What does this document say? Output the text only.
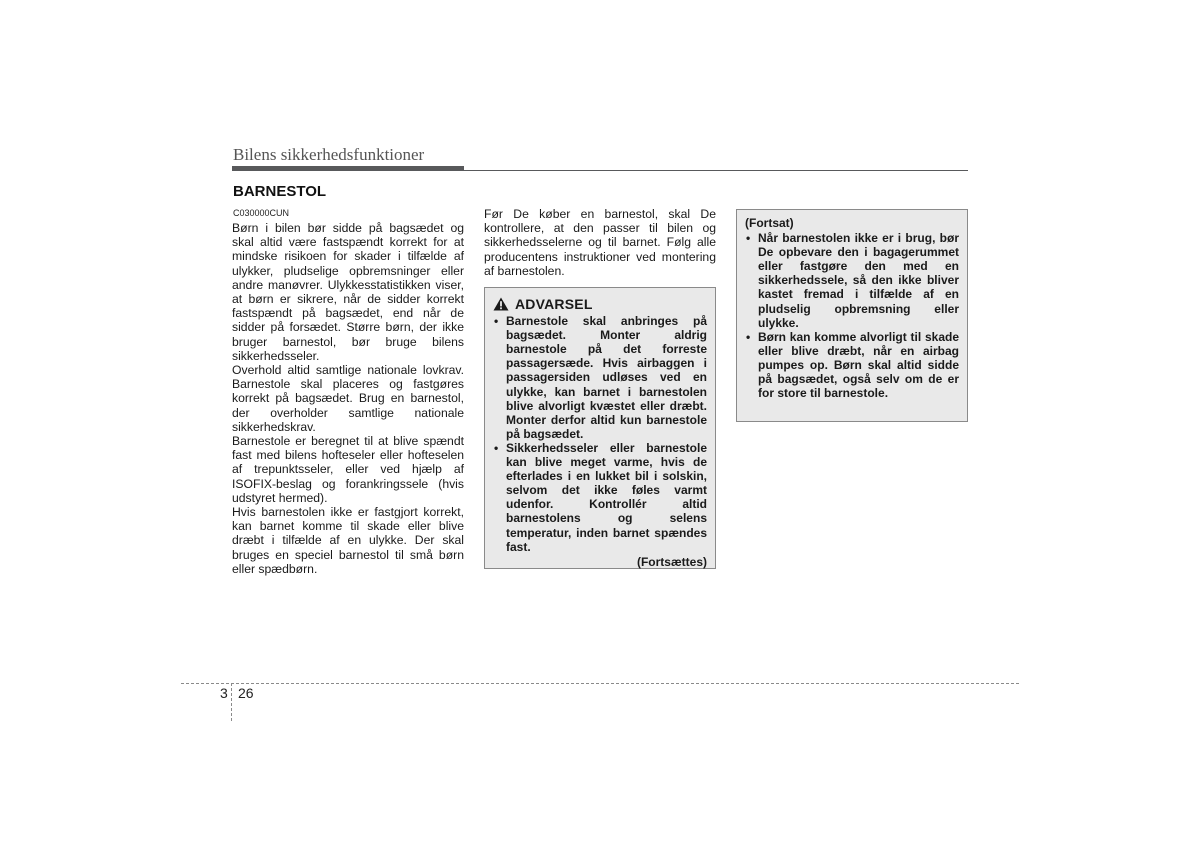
Bilens sikkerhedsfunktioner
BARNESTOL
C030000CUN

Børn i bilen bør sidde på bagsædet og skal altid være fastspændt korrekt for at mindske risikoen for skader i tilfælde af ulykker, pludselige opbremsninger eller andre manøvrer. Ulykkesstatistikken viser, at børn er sikrere, når de sidder korrekt fastspændt på bagsædet, end når de sidder på forsædet. Større børn, der ikke bruger barnestol, bør bruge bilens sikkerhedsseler.

Overhold altid samtlige nationale lovkrav. Barnestole skal placeres og fastgøres korrekt på bagsædet. Brug en barnestol, der overholder samtlige nationale sikkerhedskrav.

Barnestole er beregnet til at blive spændt fast med bilens hofteseler eller hofteselen af trepunktsseler, eller ved hjælp af ISOFIX-beslag og forankringssele (hvis udstyret hermed).

Hvis barnestolen ikke er fastgjort korrekt, kan barnet komme til skade eller blive dræbt i tilfælde af en ulykke. Der skal bruges en speciel barnestol til små børn eller spædbørn.

Før De køber en barnestol, skal De kontrollere, at den passer til bilen og sikkerhedsselerne og til barnet. Følg alle producentens instruktioner ved montering af barnestolen.

ADVARSEL
• Barnestole skal anbringes på bagsædet. Monter aldrig barnestole på det forreste passagersæde. Hvis airbaggen i passagersiden udløses ved en ulykke, kan barnet i barnestolen blive alvorligt kvæstet eller dræbt. Monter derfor altid kun barnestole på bagsædet.
• Sikkerhedsseler eller barnestole kan blive meget varme, hvis de efterlades i en lukket bil i solskin, selvom det ikke føles varmt udenfor. Kontrollér altid barnestolens og selens temperatur, inden barnet spændes fast.
(Fortsættes)
(Fortsat)
• Når barnestolen ikke er i brug, bør De opbevare den i bagagerummet eller fastgøre den med en sikkerhedssele, så den ikke bliver kastet fremad i tilfælde af en pludselig opbremsning eller ulykke.
• Børn kan komme alvorligt til skade eller blive dræbt, når en airbag pumpes op. Børn skal altid sidde på bagsædet, også selv om de er for store til barnestole.
3 26
